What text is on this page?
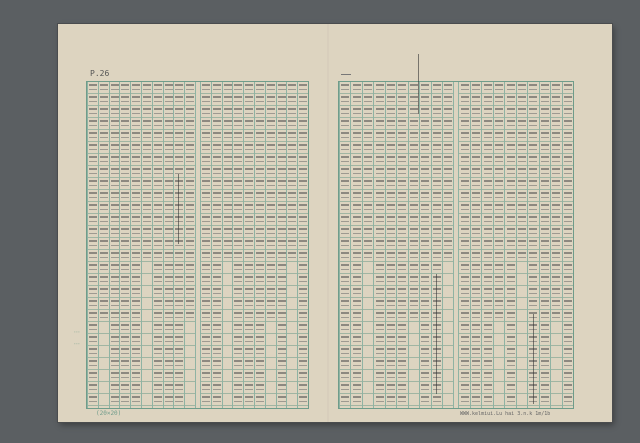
P.26
⋮ ⋮
(20×20)	WWW.kelmiui.Lu hai 3.n.k 1m/1b
